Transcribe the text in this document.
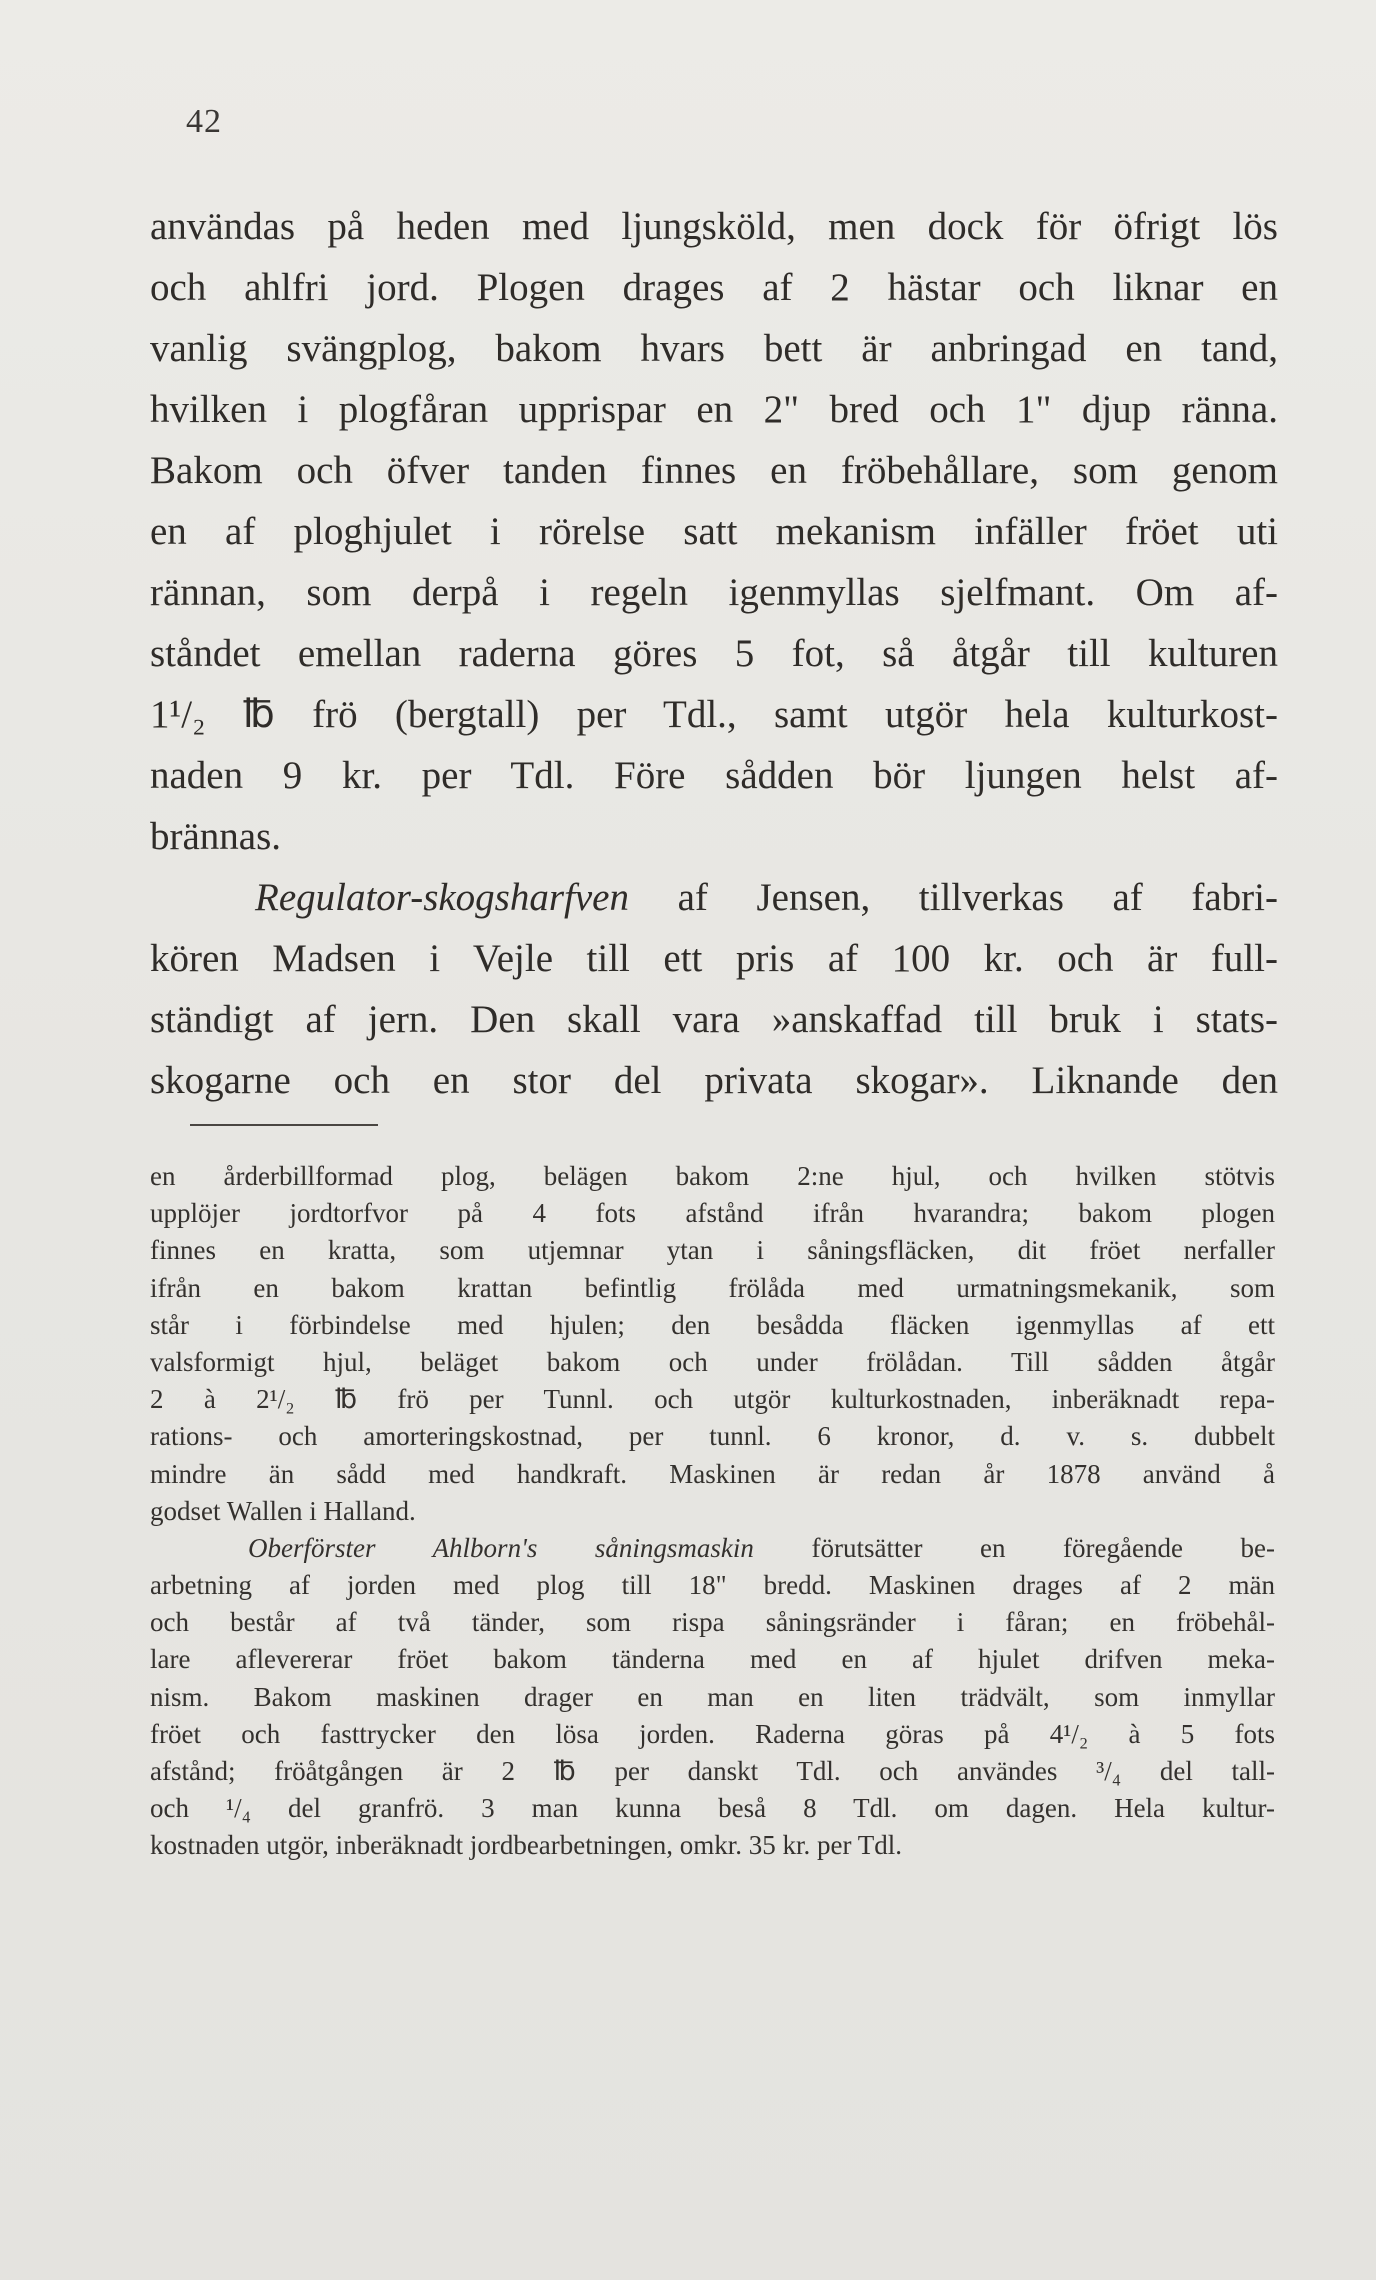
42
användas på heden med ljungsköld, men dock för öfrigt lös
och ahlfri jord. Plogen drages af 2 hästar och liknar en
vanlig svängplog, bakom hvars bett är anbringad en tand,
hvilken i plogfåran upprispar en 2" bred och 1" djup ränna.
Bakom och öfver tanden finnes en fröbehållare, som genom
en af ploghjulet i rörelse satt mekanism infäller fröet uti
rännan, som derpå i regeln igenmyllas sjelfmant. Om af-
ståndet emellan raderna göres 5 fot, så åtgår till kulturen
1¹/₂ ℔ frö (bergtall) per Tdl., samt utgör hela kulturkost-
naden 9 kr. per Tdl. Före sådden bör ljungen helst af-
brännas.
Regulator-skogsharfven af Jensen, tillverkas af fabri-
kören Madsen i Vejle till ett pris af 100 kr. och är full-
ständigt af jern. Den skall vara »anskaffad till bruk i stats-
skogarne och en stor del privata skogar». Liknande den
en årderbillformad plog, belägen bakom 2:ne hjul, och hvilken stötvis
upplöjer jordtorfvor på 4 fots afstånd ifrån hvarandra; bakom plogen
finnes en kratta, som utjemnar ytan i såningsfläcken, dit fröet nerfaller
ifrån en bakom krattan befintlig frölåda med urmatningsmekanik, som
står i förbindelse med hjulen; den besådda fläcken igenmyllas af ett
valsformigt hjul, beläget bakom och under frölådan. Till sådden åtgår
2 à 2¹/₂ ℔ frö per Tunnl. och utgör kulturkostnaden, inberäknadt repa-
rations- och amorteringskostnad, per tunnl. 6 kronor, d. v. s. dubbelt
mindre än sådd med handkraft. Maskinen är redan år 1878 använd å
godset Wallen i Halland.
Oberförster Ahlborn's såningsmaskin förutsätter en föregående be-
arbetning af jorden med plog till 18" bredd. Maskinen drages af 2 män
och består af två tänder, som rispa såningsränder i fåran; en fröbehål-
lare aflevererar fröet bakom tänderna med en af hjulet drifven meka-
nism. Bakom maskinen drager en man en liten trädvält, som inmyllar
fröet och fasttrycker den lösa jorden. Raderna göras på 4¹/₂ à 5 fots
afstånd; fröåtgången är 2 ℔ per danskt Tdl. och användes ³/₄ del tall-
och ¹/₄ del granfrö. 3 man kunna beså 8 Tdl. om dagen. Hela kultur-
kostnaden utgör, inberäknadt jordbearbetningen, omkr. 35 kr. per Tdl.
